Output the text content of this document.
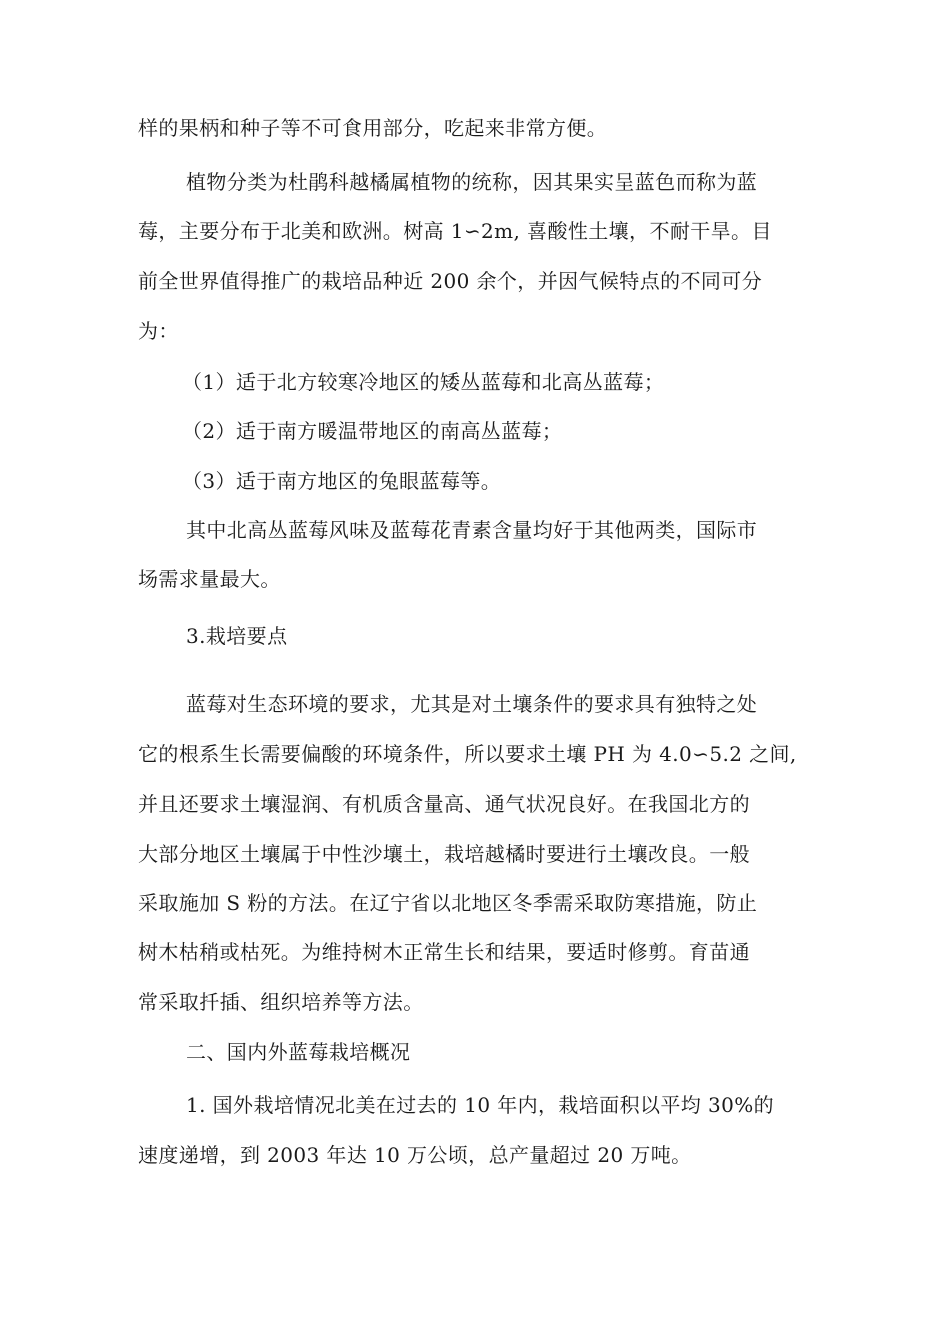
样的果柄和种子等不可食用部分，吃起来非常方便。
植物分类为杜鹃科越橘属植物的统称，因其果实呈蓝色而称为蓝
莓，主要分布于北美和欧洲。树高 1∽2m, 喜酸性土壤，不耐干旱。目
前全世界值得推广的栽培品种近 200 余个，并因气候特点的不同可分
为：
（1）适于北方较寒冷地区的矮丛蓝莓和北高丛蓝莓；
（2）适于南方暖温带地区的南高丛蓝莓；
（3）适于南方地区的兔眼蓝莓等。
其中北高丛蓝莓风味及蓝莓花青素含量均好于其他两类，国际市
场需求量最大。
3.栽培要点
蓝莓对生态环境的要求，尤其是对土壤条件的要求具有独特之处
它的根系生长需要偏酸的环境条件，所以要求土壤 PH 为 4.0∽5.2 之间,
并且还要求土壤湿润、有机质含量高、通气状况良好。在我国北方的
大部分地区土壤属于中性沙壤土，栽培越橘时要进行土壤改良。一般
采取施加 S 粉的方法。在辽宁省以北地区冬季需采取防寒措施，防止
树木枯稍或枯死。为维持树木正常生长和结果，要适时修剪。育苗通
常采取扦插、组织培养等方法。
二、国内外蓝莓栽培概况
1. 国外栽培情况北美在过去的 10 年内，栽培面积以平均 30%的
速度递增，到 2003 年达 10 万公顷，总产量超过 20 万吨。
